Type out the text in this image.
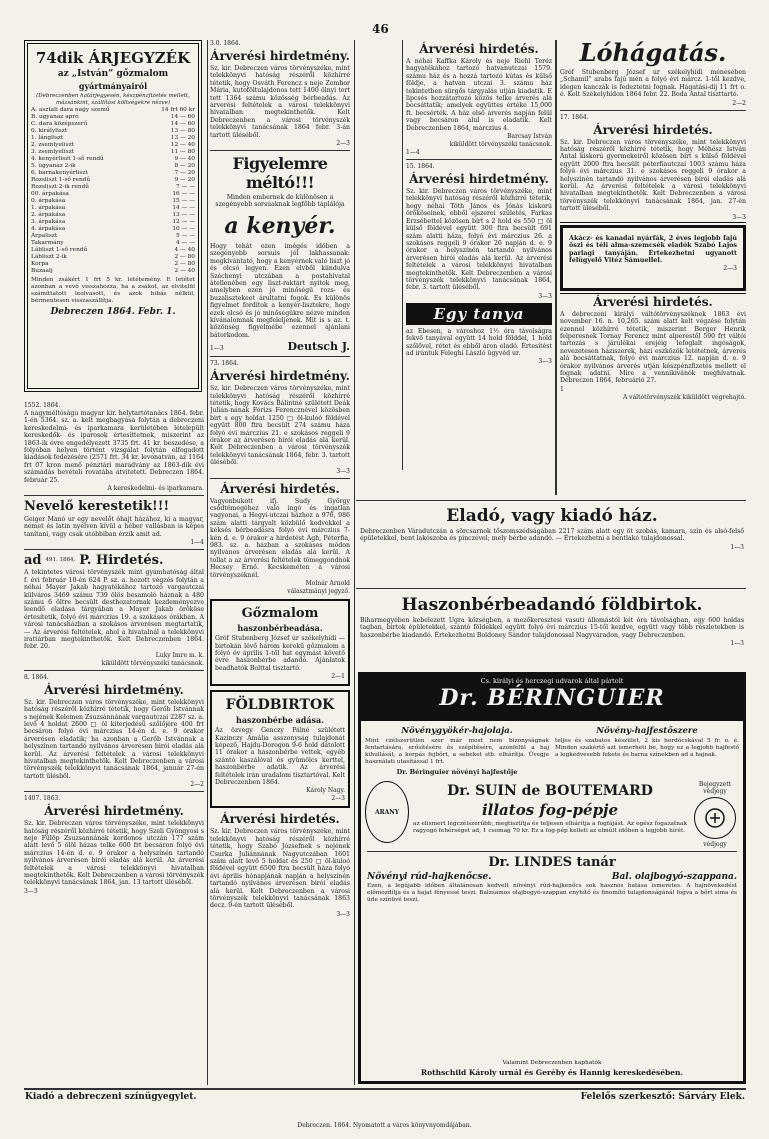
46
74dik ÁRJEGYZÉK
az „István” gőzmalom
gyártmányairól
(Debreczenben határjegyesén, készpénzfizetés mellett, mázsánkint, szállítási költségekre nézve)
A. asztali dara nagy szemű	14 frt 60 kr
B. ugyanaz apró	14 — 60
C. dara középszerű	14 — 60
0. királyliszt	13 — 80
1. lángliszt	13 — 20
2. zsemlyeliszt	12 — 40
3. zsemlyeliszt	11 — 80
4. kenyérliszt 1-ső rendű	9 — 40
5. ugyanaz 2-ik	8 — 20
6. barnakenyérliszt	7 — 20
Rozsliszt 1-ső rendű	9 — 20
Rozsliszt 2-ik rendű	7 — —
00. árpakása	16 — —
0. árpakása	15 — —
1. árpakása	14 — —
2. árpakása	13 — —
3. árpakása	12 — —
4. árpakása	10 — —
Árpaliszt	5 — —
Takarmány	4 — —
Lábliszt 1-ső rendű	4 — 40
Lábliszt 2-ik	2 — 80
Korpa	2 — 80
Buzaalj	2 — 40
Minden zsákért 1 frt 5 kr. letétemény. E letétet azonban a vevő visszahozza, ha a zsákot, az elvitelül számíttatott leolvasott, és azok hibás nélkül, bérmentesen visszaszállítja.
Debreczen 1864. Febr. 1.
1552. 1864.
A nagyméltóságu magyar kir. helytartótanács 1864. febr. 1-én 5364. sz. a. kelt megbagyása folytán a debreczeni kereskedelmi- és iparkamara kerületében lételepült kereskedők- és iparosok értesíttetnek, miszerint az 1863-ik évre engedélyezett 3735 frt. 41 kr. beszedése, a folyóban helyen történt vizsgálat folytán elfogadott kiadások fedezésére (2571 frt. 34 kr. levonatván, az 1164 frt 07 kron menő pénztári maradvány az 1863-dik évi számadás bevételi rovatába átvitetett. Debreczen 1864. február 25.
A kereskedelmi- és iparkamara.
Nevelő kerestetik!!!
Geiger Manó ur egy nevelőt óhajt házához, ki a magyar, német és latin nyelven kívül a héber vallásban is képes tanítani, vagy csak utóbbiban érzik amit ad.
1—4
ad 491. 1864. P. Hirdetés.
A tekintetes városi törvényszék mint gyámhatóság által f. évi február 10-én 624 P. sz. a. hozott végzés folytán a néhai Mayer Jakab hagyatékához tartozó vargautczai külváros 3469 számu 739 ölös besamoló háznak a 480 számu 6 öltre becsült desthozatornak kezdeményezve leendő eladása tárgyában a Mayer Jakab örököse értesítetik, folyó évi márczius 19. a szokásos órákban. A városi tanácsházban a szokásos árverésen megtartatik, — Az árverési feltételek, ahol a hivatalnál a telekkönyvi irattárban megtekinthetők. Kelt Debreczenben 1864. febr. 20.
Luky Imre m. k.
kiküldött törvényszéki tanácsnok.
8. 1864.
Árverési hirdetmény.
Sz. kir. Debreczen város törvényszéke, mint telekkönyvi hatóság részéről közhírré tétetik, hogy Gerőb Istvánnak s nejének Kelemen Zsuzsánnának vargautczai 2287 sz. a. levő 4 holdat 2600 □ öl kiterjedésü szőlőjére 400 frt becsáron folyó évi márczius 14-én d. e. 9 órakor árverésen eladatik; ha azonban a Gerőb Istvánnak a helyszínen tartandó nyilvános árverésen birói eladás alá kerül. Az árverési feltételek a városi telekkönyvi hivatalban megtekinthetők. Kelt Debreczenben a városi törvényszék telekkönyvi tanácsának 1864, január 27-én tartott ülésből.
2—2
1407. 1863.
Árverési hirdetmény.
Sz. kir. Debreczen város törvényszéke, mint telekkönyvi hatóság részéről közhírré tétetik, hogy Szeli Gyöngyosi s neje Fülöp Zsuzsannának kordonos utczán 177 szám alatt levő 5 ölöl házas telke 600 frt becsáron folyó évi márczius 14-én d. e. 9 órakor a helyszínén tartandó nyilvános árverésen birói eladás alá kerül. Az árverési feltételek a városi telekkönyvi hivatalban megtekinthetők. Kelt Debreczenben a városi törvényszék telekkönyvi tanácsának 1864, jan. 13 tartott üléséből.
3—3
3.0. 1864.
Árverési hirdetmény.
Sz. kir. Debreczen város törvényszéke, mint telekkönyvi hatóság részéről közhírré tétetik, hogy Osváth Ferencz s neje Zombor Mária, kutoföltulajdonos tett 1400 ölnyi tert tett 1364 számu közösség bérbeadás. Az árverési feltételek a városi telekkönyvi hivatalban megtekinthetők. Kelt Debreczenben a városi törvényszék telekkönyvi tanácsának 1864 febr. 3-án tartott üléséből.
2—3
Figyelemre méltó!!!
Minden embernek de különösen a szegényebb sorsúaknak legfőbb táplálója
a kenyér.
Hogy tehát ezen imégés idöben a szegényebb sorsuis jól lakhassanak: megkívántató, hogy a kenyérnek való liszt jó és olcsó legyen. Ezen elvből kiindulva Széchenyi utczában a postahivatal átellenében egy liszt-raktárt nyitok meg, amelyben ezen jó minőségü rozs- és buzalisztekeet árultatni fogok. Es különös figyelmet fordítok a kenyér-lisztekre, hogy ezek olcsó és jó minőségükre nézve minden kívánalomnak megfeleljenek. Mit is s az. t. közönség figyelmébe ezennel ajánlani bátorkodom.
1—3	Deutsch J.
73. 1864.
Árverési hirdetmény.
Sz. kir. Debreczen város törvényszéke, mint telekkönyvi hatóság részéről közhírré tétetik, hogy Kovács Bálintné szülétett Deák Julián-nának Fórizs Ferencznével közösben birt s egy holdat 1250 □ öl-kuloó földével együtt 800 ftra becsült 274 számu háza folyó évi márczius 21. e szokásos reggeli 9 órakor az árverésen birói eladás alá kerül. Kelt Debreczenben a városi törvényszék telekkönyvi tanácsának 1864, febr. 3. tartott üléséből.
3—3
Árverési hirdetés.
Vagyonbukott ifj. Sudy György csődtömegéhez való ingó és ingatlan vagyonai, a Hegyi-utczai házhoz a 976, 986 szám alatti tárgyalt közbülő kedvekkel a kéksés bérbeadásra folyó évi márczius 7-kén d. e. 9 órakor a hirdetést Ágh, Péterfia, 983. sz. a. házban a szokásos módon nyilvános árverésen eladás alá kerül. A tollat a az árverési feltételek tömeggondnok Hecsey Ernő. Kecskeméten a városi törvényszéknél.
Molnár Arnold
választmányi jegyző.
Gőzmalom
haszonbérbeadása.
Gróf Stubenberg József úr székelyhídi — birtokán lévő három kerekű gőzmalom a folyó év április 1-től hat egymást követő évre haszonbérbe adandó. Ajánlatok beadhatók Bolttal tisztartó.
2—1
FÖLDBIRTOK
haszonbérbe adása.
Az özvegy Genczy Pálné szülétett Kazinczy Amália asszonyság tulajdonát képező, Hajdu-Dorogon 9-6 hold dátolott 11 órakor a haszonbérbe vettek, egyéb szántó kaszálóval és gyümölcs kerttel, haszonbérbe adatik. Az árverési feltételek irán uradalom tisztartóval. Kelt Debreczenben 1864.
Károly Nagy.
2—3
Árverési hirdetés.
Sz. kir. Debreczen város törvényszéke, mint telekkönyvi hatóság részéről közhírré tétetik, hogy Szabó Józsefnek s nejének Csurka Juliánnának Nagyutczában 1601 szám alatt levő 5 holdat és 250 □ öl-kuloó földével együtt 6500 ftra becsült háza folyó évi április hónapjának napján a helyszínén tartandó nyilvános árverésen birói eladás alá kerül. Kelt Debreczenben a városi törvényszék telekkönyvi tanácsának 1863 decz. 9-én tartott üléséből.
3—3
Árverési hirdetés.
A néhai Kaffka Károly és neje Riehl Teréz hagyatékához tartozó hatvanutczai 1579. számu ház és a hozzá tartozó kútas és külső földje, a hatvan utczai 3. számu ház tekintetben sürgős tárgyalás utján kiadatik. E lipcsés hozzátartozó közös telke árverés alá bocsáttatik; amelyek együttes értéke 15,000 ft. becsérték. A ház első árverés napján felül vagy becsáron alul is eladatik. Kelt Debreczenben 1864, márczius 4.
Barcsay István
kiküldött törvényszéki tanácsnok.
1—4
15. 1864.
Árverési hirdetmény.
Sz. kir. Debreczen város törvényszéke, mint telekkönyvi hatóság részéről közhírré tétetik, hogy néhai Tóth János és Jónás kiskorú örököseinek, ebből ejszerei születés, Farkas Erzsébettel közösen bírt s 2 hold és 550 □ öl külső földével együtt 300 ftra becsült 691 szám alatti háza, folyó évi márczius 26. a szokásos reggeli 9 órakor 26 napján d. e. 9 órakor a helyszínén tartandó nyilvános árverésen birói eladás alá kerül. Az árverési feltételek a városi telekkönyvi hivatalban megtekinthetők. Kelt Debreczenben a városi törvényszék telekkönyvi tanácsának 1864, febr. 3. tartott üléséből.
3—3
Egy tanya
az Ebesen, a városhoz 1½ óra távolságra fekvő tanyával együtt 14 hold földdel, 1 hold szőlővel, rétet és ebből áron eladó. Értesítést ad irántuk Feleghi László ügyvéd ur.
3—3
Lóhágatás.
Gróf Stubenberg József ur székelyhídi ménesében „Schamil” arabs fajú mén a folyó évi márcz. 1-től kezdve, idegen kanczák is fedeztetni fognak. Hágatási-díj 11 frt o. é. Kelt Székelyhídon 1864 febr. 22. Boda Antal tiszttartó.
2—2
17. 1864.
Árverési hirdetés.
Sz. kir. Debreczen város törvényszéke, mint telekkönyvi hatóság részéről közhírré tétetik, hogy Méhész István Antal kiskorú gyermekeiről közösen birt s külső földével együtt 2000 ftra becsült péterfiautczai 1003 számu háza folyó évi márczius 31. e szokásos reggeli 9 órakor a helyszínén tartandó nyilvános árverésen birói eladás alá kerül. Az árverési feltételek a városi telekkönyvi hivatalban megtekinthetők. Kelt Debreczenben a városi törvényszék telekkönyvi tanácsának 1864, jan. 27-én tartott üléséből.
3—3
Akácz- és kanadai nyárfák, 2 éves legjobb fajú őszi és téli alma-szemcsék eladók Szabó Lajos parlagi tanyáján. Értekezhetni ugyanott felügyelő Vitéz Sámuellel.
2—3
Árverési hirdetés.
A debreczeni királyi váltótörvényszéknek 1863 évi november 16. n. 10,265. szám alatt kelt végzése folytán ezennel közhírré tétetik, miszerint Berger Henrik felperesnek Tornay Ferencz mint alperestől 590 frt váltói tartozás s járulékai erejéig lefoglalt ingóságok, nevezetesen háziszerek, házi eszközök letétetnek, árverés alá bocsáttatnak, folyó évi márczius 12. napján d. e. 9 órakor nyilvános árverés utján készpénzfizetés mellett el fognak adatni. Mire a vennikivánók meghívatnak. Debreczen 1864, februárió 27.
1
A váltótörvényszék kiküldött végrehajtó.
Eladó, vagy kiadó ház.
Debreczenben Váradutczán a sörcsarnok tőszomszédságában 2217 szám alatt egy öt szobás, kamara, szín és alsó-felső épületekkel, bent lakószoba és pinczével; mely bérbe adandó. — Értekezhetni a bentlakó tulajdonossal.
1—3
Haszonbérbeadandó földbirtok.
Biharmegyében kebelezett Ugra községben, a mezőkeresztesi vasuti állomástól két óra távolságban, egy 600 holdas tagban, birtok épületekkel, szántó földekkel együtt folyó évi márczius 15-től kezdve, együtt vagy több részletekben is haszonbérbe kiadandó. Értekezhetni Boldoney Sándor tulajdonossal Nagyváradon, vagy Debreczenben.
1—3
Cs. királyi és herczegi udvarok által pártolt
Dr. BÉRINGUIER
Növénygyökér-hajolaja.
Mint czélszerütlen szer már most nem bizonyságnak fentartására, erősítésére és szépítésére, azonfelül a haj kihullását, a korpás fejbőrt, a sebeket stb. elhárítja. Üvegje használati utasítással 1 frt.
Dr. Béringuier növényi hajfestője
Növény-hajfestőszere
teljes és szabatos készület, 2 kis hordócskával 5 fr. o. é. Minden szakértő azt ismerheti be, hogy ez a legjobb hajfestő a legkedvesebb fekete és barna színekben ad a hajnak.
ARANY
Dr. SUIN de BOUTEMARD
illatos fog-pépje
az elismert legczélszerűbb, megtisztítja és teljesen elhárítja a fogfájást. Az egész fogazatnak ragyogó fehérséget ad, 1 csomag 70 kr. Ez a fog-pép kelleti az elmúlt időben a legjobb hírét.
Bejegyzett védjegy
védjegy
Dr. LINDES tanár
Növényi rúd-hajkenőcse.	Bal. olajbogyó-szappana.
Ezen, a legújabb időben általánosan kedvelt növényi rúd-hajkenőcs sok hasznos hatása ismeretes. A hajnövekedést előmozdítja és a hajat fényessé teszi. Balzsamos olajbogyó-szappan enyhítő és finomító tulajdonságánál fogva a bőrt sima és üde színüvé teszi.
Valamint Debreczenben kaphatók
Rothschild Károly urnál és Geréby és Hannig kereskedésében.
Kiadó a debreczeni színügyegylet.	Felelős szerkesztő: Sárváry Elek.
Debreczen. 1864. Nyomatott a város könyvnyomdájában.
